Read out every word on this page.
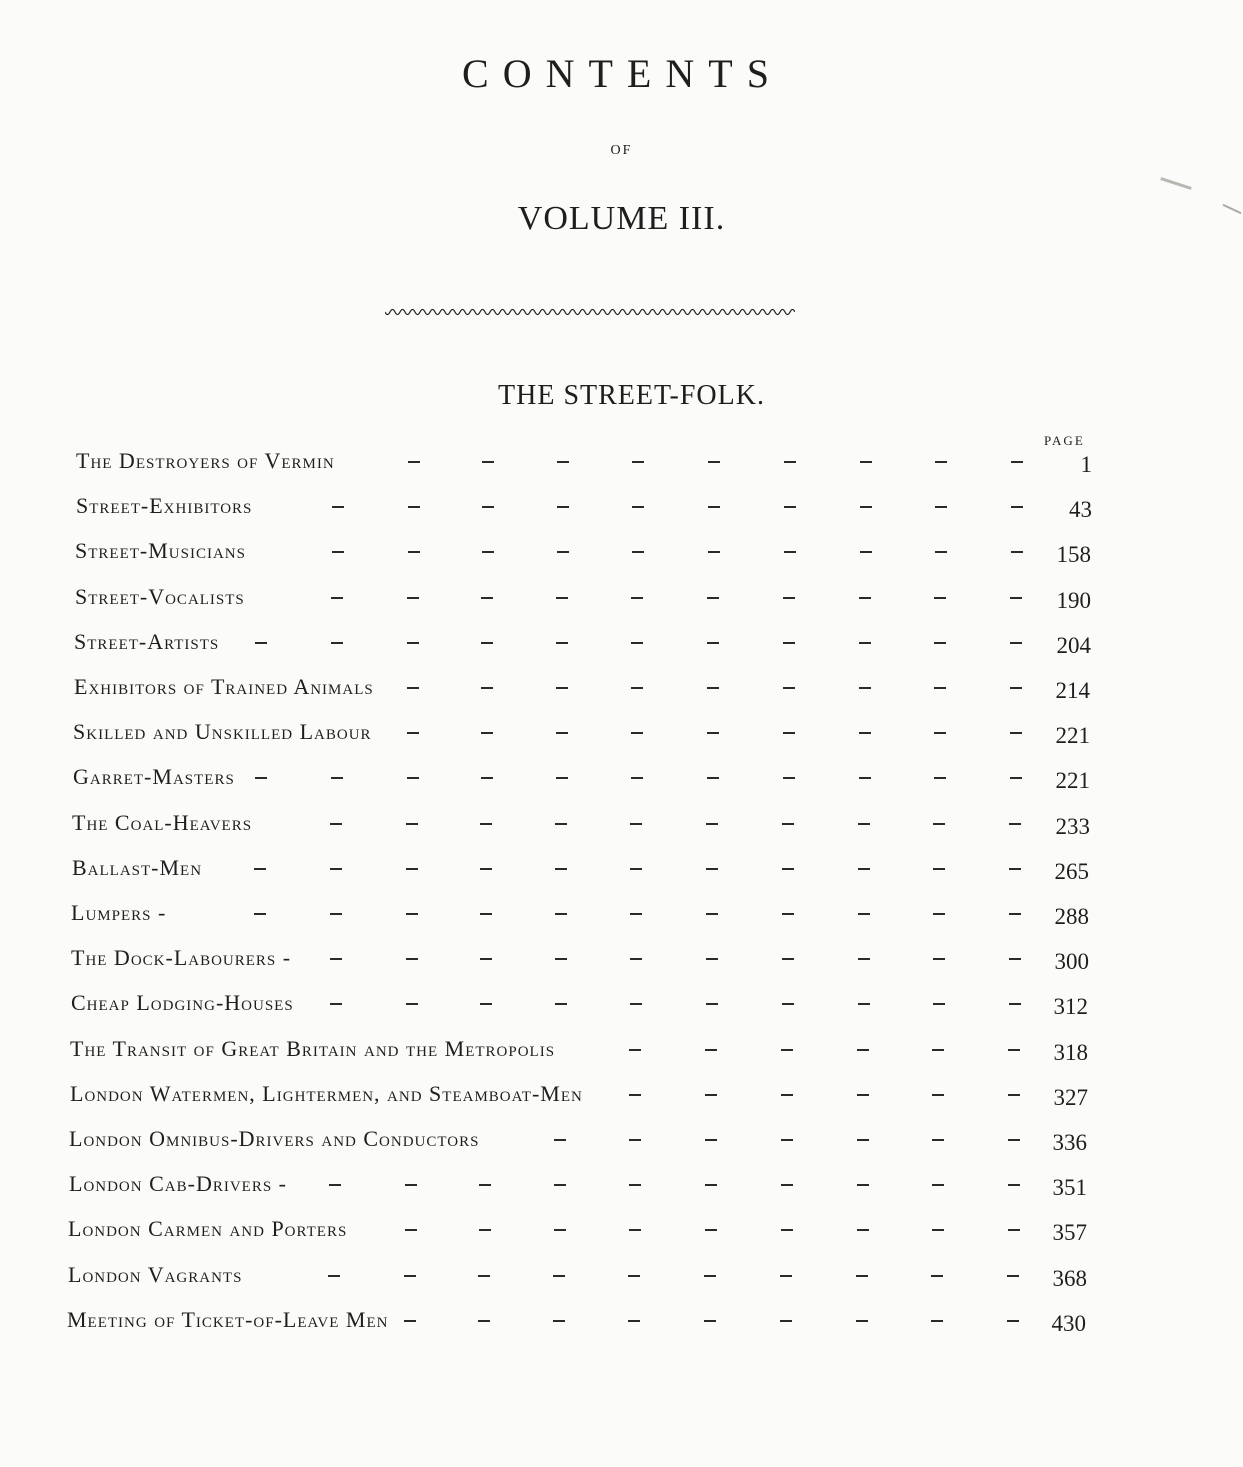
CONTENTS
OF
VOLUME III.
THE STREET-FOLK.
PAGE
The Destroyers of Vermin	1
Street-Exhibitors	43
Street-Musicians	158
Street-Vocalists	190
Street-Artists	204
Exhibitors of Trained Animals	214
Skilled and Unskilled Labour	221
Garret-Masters	221
The Coal-Heavers	233
Ballast-Men	265
Lumpers -	288
The Dock-Labourers -	300
Cheap Lodging-Houses	312
The Transit of Great Britain and the Metropolis	318
London Watermen, Lightermen, and Steamboat-Men	327
London Omnibus-Drivers and Conductors	336
London Cab-Drivers -	351
London Carmen and Porters	357
London Vagrants	368
Meeting of Ticket-of-Leave Men	430
